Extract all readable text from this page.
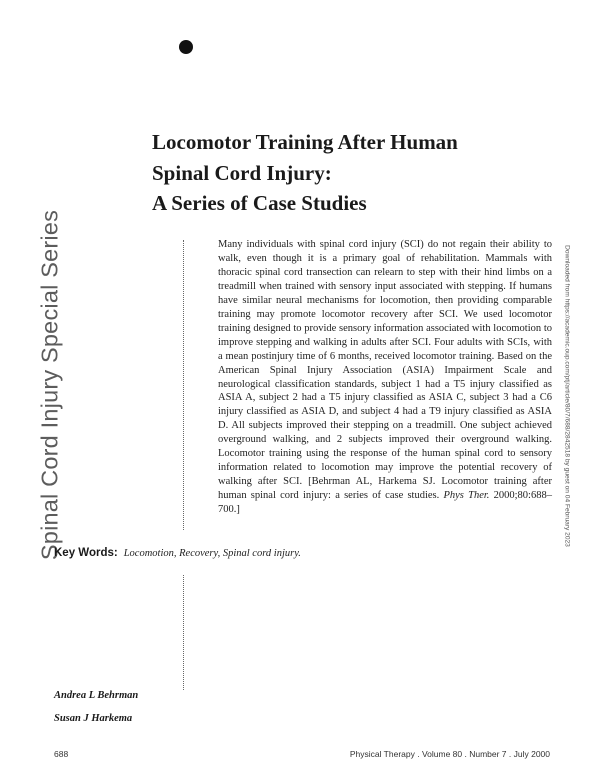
Spinal Cord Injury Special Series
Locomotor Training After Human
Spinal Cord Injury:
A Series of Case Studies
Downloaded from https://academic.oup.com/ptj/article/80/7/688/2842518 by guest on 04 February 2023

Many individuals with spinal cord injury (SCI) do not regain their ability to walk, even though it is a primary goal of rehabilitation. Mammals with thoracic spinal cord transection can relearn to step with their hind limbs on a treadmill when trained with sensory input associated with stepping. If humans have similar neural mechanisms for locomotion, then providing comparable training may promote locomotor recovery after SCI. We used locomotor training designed to provide sensory information associated with locomotion to improve stepping and walking in adults after SCI. Four adults with SCIs, with a mean postinjury time of 6 months, received locomotor training. Based on the American Spinal Injury Association (ASIA) Impairment Scale and neurological classification standards, subject 1 had a T5 injury classified as ASIA A, subject 2 had a T5 injury classified as ASIA C, subject 3 had a C6 injury classified as ASIA D, and subject 4 had a T9 injury classified as ASIA D. All subjects improved their stepping on a treadmill. One subject achieved overground walking, and 2 subjects improved their overground walking. Locomotor training using the response of the human spinal cord to sensory information related to locomotion may improve the potential recovery of walking after SCI. [Behrman AL, Harkema SJ. Locomotor training after human spinal cord injury: a series of case studies. Phys Ther. 2000;80:688–700.]

Key Words: Locomotion, Recovery, Spinal cord injury.
Andrea L Behrman
Susan J Harkema
688	Physical Therapy . Volume 80 . Number 7 . July 2000
